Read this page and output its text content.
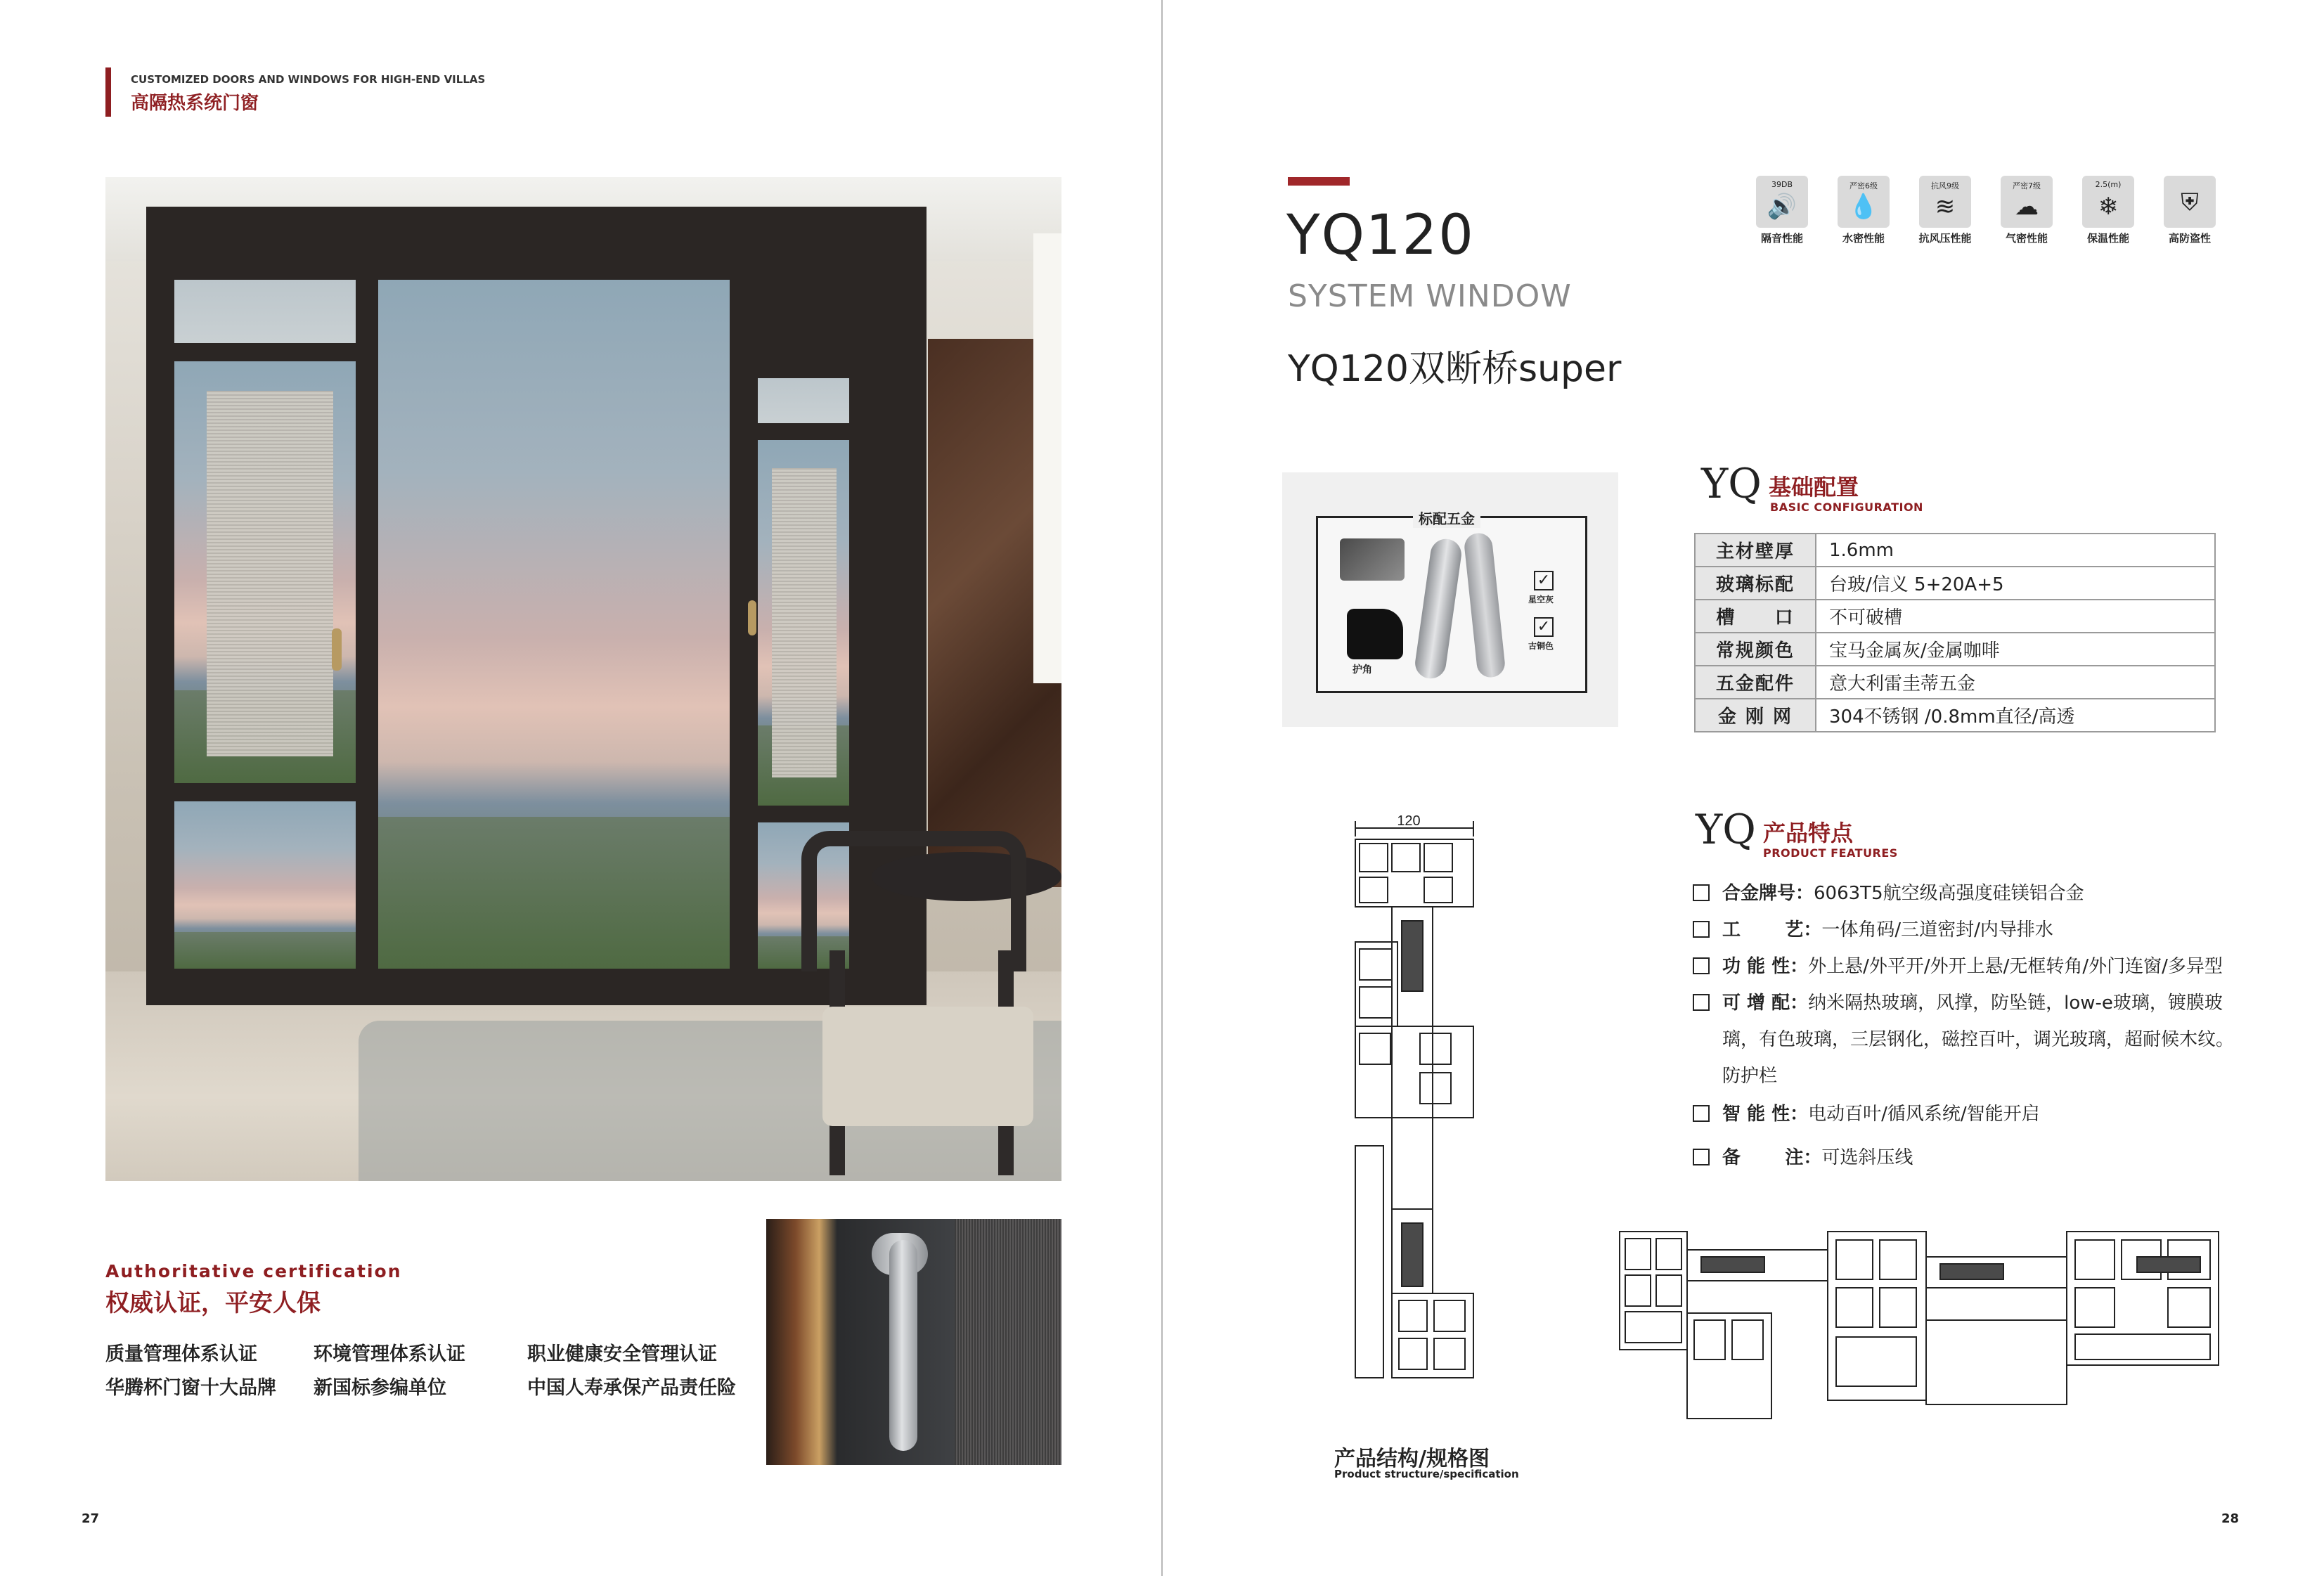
CUSTOMIZED DOORS AND WINDOWS FOR HIGH-END VILLAS
高隔热系统门窗
Authoritative certification
权威认证，平安人保
质量管理体系认证	环境管理体系认证	职业健康安全管理认证
华腾杯门窗十大品牌 新国标参编单位	中国人寿承保产品责任险
27
YQ120
SYSTEM WINDOW
YQ120双断桥super
39DB
🔊
隔音性能
严密6级
💧
水密性能
抗风9级
≋
抗风压性能
严密7级
☁
气密性能
2.5(m)
❄
保温性能
⛨
高防盗性
标配五金
护角
✓
星空灰
✓
古铜色
YQ 基础配置
BASIC CONFIGURATION
主材壁厚	1.6mm
玻璃标配	台玻/信义 5+20A+5
槽     口	不可破槽
常规颜色	宝马金属灰/金属咖啡
五金配件	意大利雷圭蒂五金
金 刚 网	304不锈钢 /0.8mm直径/高透
YQ 产品特点
PRODUCT FEATURES
合金牌号：6063T5航空级高强度硅镁铝合金
工       艺：一体角码/三道密封/内导排水
功 能 性：外上悬/外平开/外开上悬/无框转角/外门连窗/多异型
可 增 配：纳米隔热玻璃，风撑，防坠链，low-e玻璃，镀膜玻
璃，有色玻璃，三层钢化，磁控百叶，调光玻璃，超耐候木纹。
防护栏
智 能 性：电动百叶/循风系统/智能开启
备       注：可选斜压线
120
产品结构/规格图
Product structure/specification
28
